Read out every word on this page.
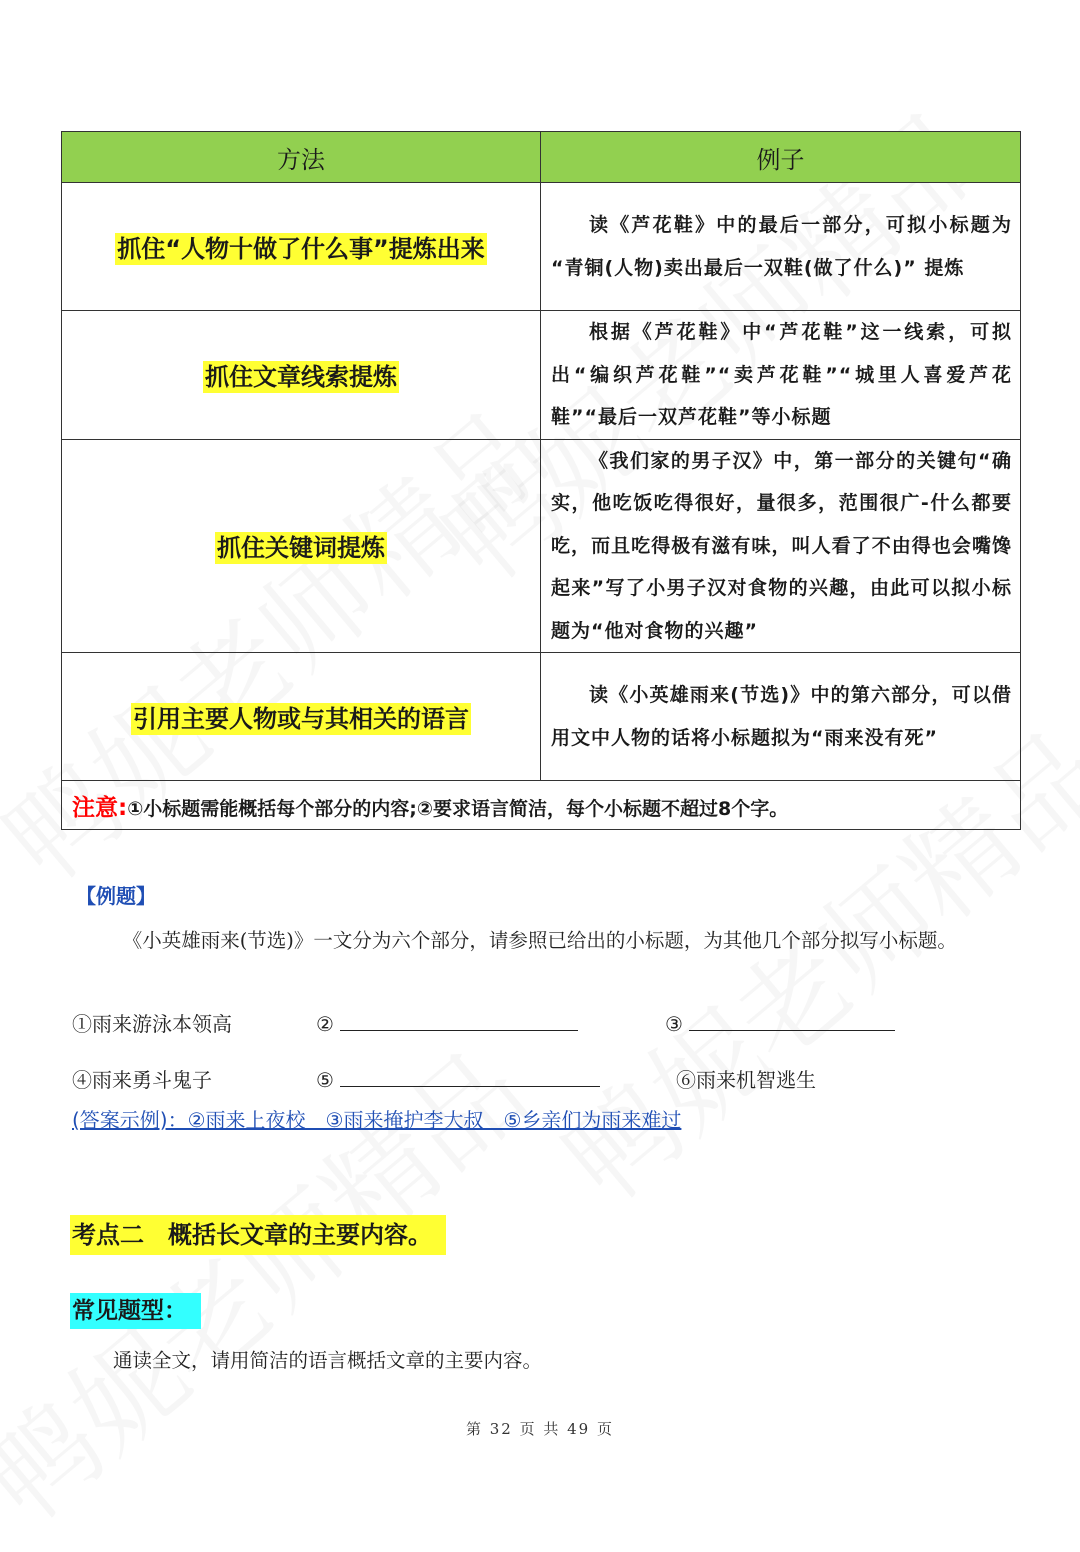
方法	例子
抓住“人物十做了什么事”提炼出来	读《芦花鞋》中的最后一部分，可拟小标题为 “青铜(人物)卖出最后一双鞋(做了什么)” 提炼
抓住文章线索提炼	根据《芦花鞋》中“芦花鞋”这一线索，可拟出“编织芦花鞋”“卖芦花鞋”“城里人喜爱芦花鞋”“最后一双芦花鞋”等小标题
抓住关键词提炼	《我们家的男子汉》中，第一部分的关键句“确实，他吃饭吃得很好，量很多，范围很广-什么都要吃，而且吃得极有滋有味，叫人看了不由得也会嘴馋起来”写了小男子汉对食物的兴趣，由此可以拟小标题为“他对食物的兴趣”
引用主要人物或与其相关的语言	读《小英雄雨来(节选)》中的第六部分，可以借用文中人物的话将小标题拟为“雨来没有死”
注意:①小标题需能概括每个部分的内容;②要求语言简洁，每个小标题不超过8个字。	
【例题】
《小英雄雨来(节选)》一文分为六个部分，请参照已给出的小标题，为其他几个部分拟写小标题。
①雨来游泳本领高	②	③
④雨来勇斗鬼子	⑤	⑥雨来机智逃生
(答案示例)：②雨来上夜校　③雨来掩护李大叔　⑤乡亲们为雨来难过
考点二　概括长文章的主要内容。
常见题型：
通读全文，请用简洁的语言概括文章的主要内容。
第 32 页 共 49 页
